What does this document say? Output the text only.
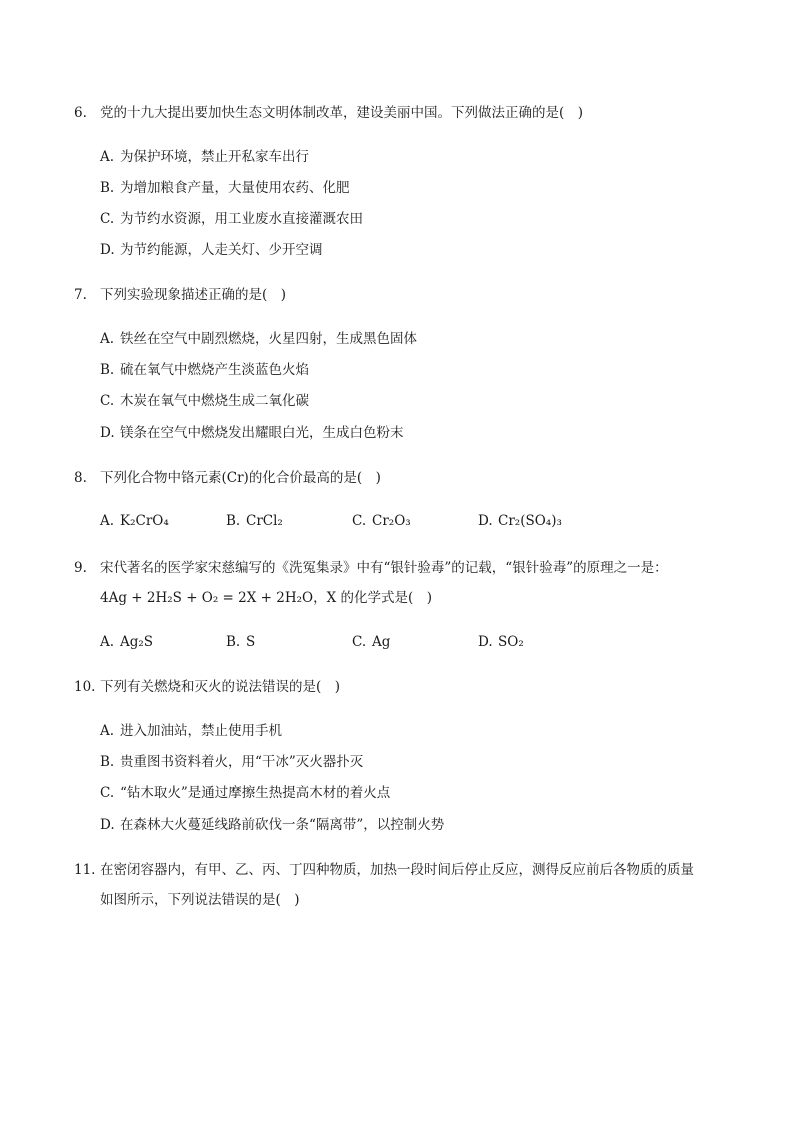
6. 党的十九大提出要加快生态文明体制改革，建设美丽中国。下列做法正确的是( )
A. 为保护环境，禁止开私家车出行
B. 为增加粮食产量，大量使用农药、化肥
C. 为节约水资源，用工业废水直接灌溉农田
D. 为节约能源，人走关灯、少开空调
7. 下列实验现象描述正确的是( )
A. 铁丝在空气中剧烈燃烧，火星四射，生成黑色固体
B. 硫在氧气中燃烧产生淡蓝色火焰
C. 木炭在氧气中燃烧生成二氧化碳
D. 镁条在空气中燃烧发出耀眼白光，生成白色粉末
8. 下列化合物中铬元素(Cr)的化合价最高的是( )
A. K₂CrO₄	B. CrCl₂	C. Cr₂O₃	D. Cr₂(SO₄)₃
9. 宋代著名的医学家宋慈编写的《洗冤集录》中有“银针验毒”的记载，“银针验毒”的原理之一是：
4Ag + 2H₂S + O₂ = 2X + 2H₂O，X 的化学式是( )
A. Ag₂S	B. S	C. Ag	D. SO₂
10. 下列有关燃烧和灭火的说法错误的是( )
A. 进入加油站，禁止使用手机
B. 贵重图书资料着火，用“干冰”灭火器扑灭
C. “钻木取火”是通过摩擦生热提高木材的着火点
D. 在森林大火蔓延线路前砍伐一条“隔离带”，以控制火势
11. 在密闭容器内，有甲、乙、丙、丁四种物质，加热一段时间后停止反应，测得反应前后各物质的质量
如图所示，下列说法错误的是( )
